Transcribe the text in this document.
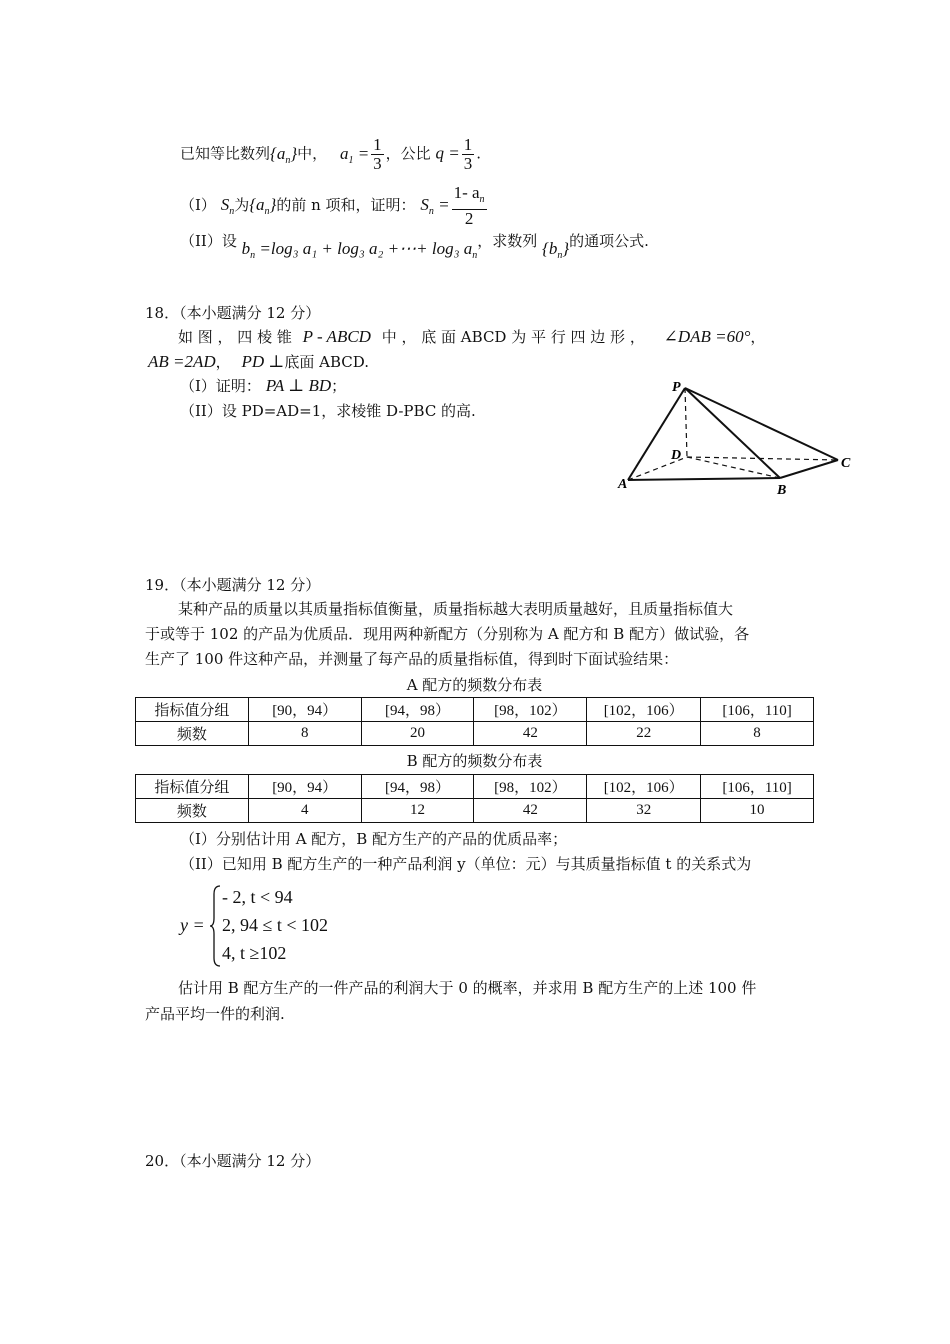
已知等比数列$\{a_n\}$中， $a_1 = \frac{1}{3}$ ，公比 $q = \frac{1}{3}$ .
（I） $S_n$为$\{a_n\}$的前 n 项和，证明： $S_n = \frac{1- a_n}{2}$
（II）设 $b_n =\log_3$ a₁ + log₃ a₂ +⋯+ log₃ $a_n$，求数列 $\{b_n\}$的通项公式.
18．（本小题满分 12 分）
如 图 ， 四 棱 锥 P - ABCD 中 ， 底 面 ABCD 为 平 行 四 边 形 ， ∠DAB =60°，
AB =2AD， PD ⊥底面 ABCD.
（I）证明： PA ⊥ BD；
（II）设 PD=AD=1，求棱锥 D-PBC 的高.
P
D
A	B
C
19．（本小题满分 12 分）
某种产品的质量以其质量指标值衡量，质量指标越大表明质量越好，且质量指标值大
于或等于 102 的产品为优质品．现用两种新配方（分别称为 A 配方和 B 配方）做试验，各
生产了 100 件这种产品，并测量了每产品的质量指标值，得到时下面试验结果：
A 配方的频数分布表
指标值分组	[90，94）	[94，98）	[98，102）	[102，106）	[106，110]
频数	8	20	42	22	8
B 配方的频数分布表
指标值分组	[90，94）	[94，98）	[98，102）	[102，106）	[106，110]
频数	4	12	42	32	10
（I）分别估计用 A 配方，B 配方生产的产品的优质品率；
（II）已知用 B 配方生产的一种产品利润 y（单位：元）与其质量指标值 t 的关系式为
y =
- 2, t < 94
2, 94 ≤ t < 102
4, t ≥102
估计用 B 配方生产的一件产品的利润大于 0 的概率，并求用 B 配方生产的上述 100 件
产品平均一件的利润.
20．（本小题满分 12 分）
